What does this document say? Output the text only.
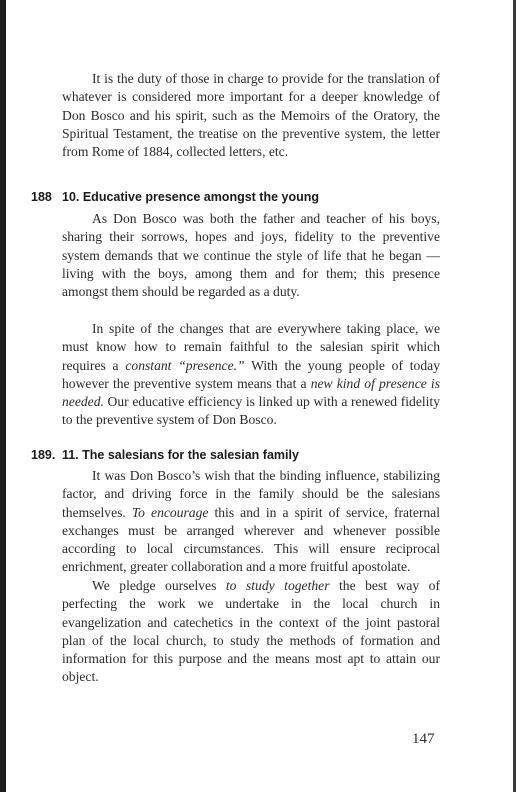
It is the duty of those in charge to provide for the translation of whatever is considered more important for a deeper knowledge of Don Bosco and his spirit, such as the Memoirs of the Oratory, the Spiritual Testament, the treatise on the preventive system, the letter from Rome of 1884, collected letters, etc.

188 10. Educative presence amongst the young

As Don Bosco was both the father and teacher of his boys, sharing their sorrows, hopes and joys, fidelity to the preventive system demands that we continue the style of life that he began — living with the boys, among them and for them; this presence amongst them should be regarded as a duty.

In spite of the changes that are everywhere taking place, we must know how to remain faithful to the salesian spirit which requires a constant “presence.” With the young people of today however the preventive system means that a new kind of presence is needed. Our educative efficiency is linked up with a renewed fidelity to the preventive system of Don Bosco.

189. 11. The salesians for the salesian family

It was Don Bosco’s wish that the binding influence, stabilizing factor, and driving force in the family should be the salesians themselves. To encourage this and in a spirit of service, fraternal exchanges must be arranged wherever and whenever possible according to local circumstances. This will ensure reciprocal enrichment, greater collaboration and a more fruitful apostolate.

We pledge ourselves to study together the best way of perfecting the work we undertake in the local church in evangelization and catechetics in the context of the joint pastoral plan of the local church, to study the methods of formation and information for this purpose and the means most apt to attain our object.

147
